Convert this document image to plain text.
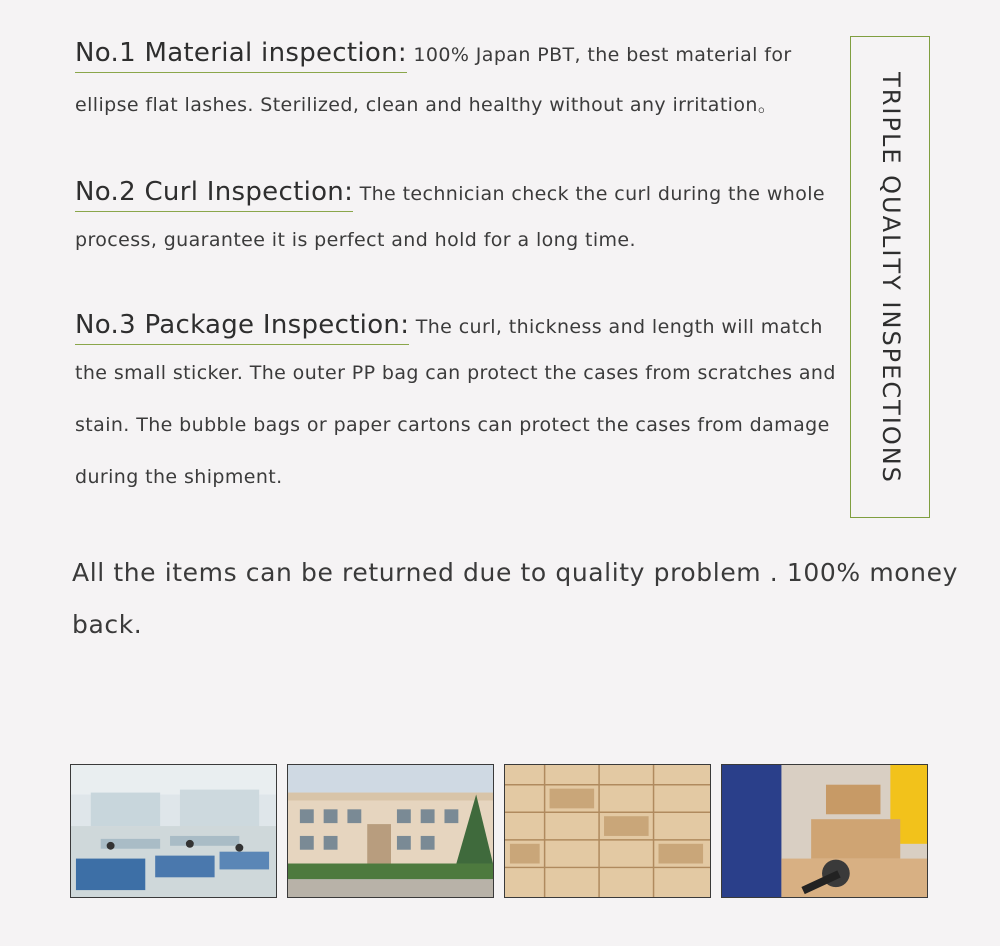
No.1 Material inspection: 100% Japan PBT, the best material for
ellipse flat lashes. Sterilized, clean and healthy without any irritation。
No.2 Curl Inspection: The technician check the curl during the whole
process, guarantee it is perfect and hold for a long time.
No.3 Package Inspection: The curl, thickness and length will match
the small sticker. The outer PP bag can protect the cases from scratches and
stain. The bubble bags or paper cartons can protect the cases from damage
during the shipment.	TRIPLE QUALITY INSPECTIONS
All the items can be returned due to quality problem . 100% money
back.
